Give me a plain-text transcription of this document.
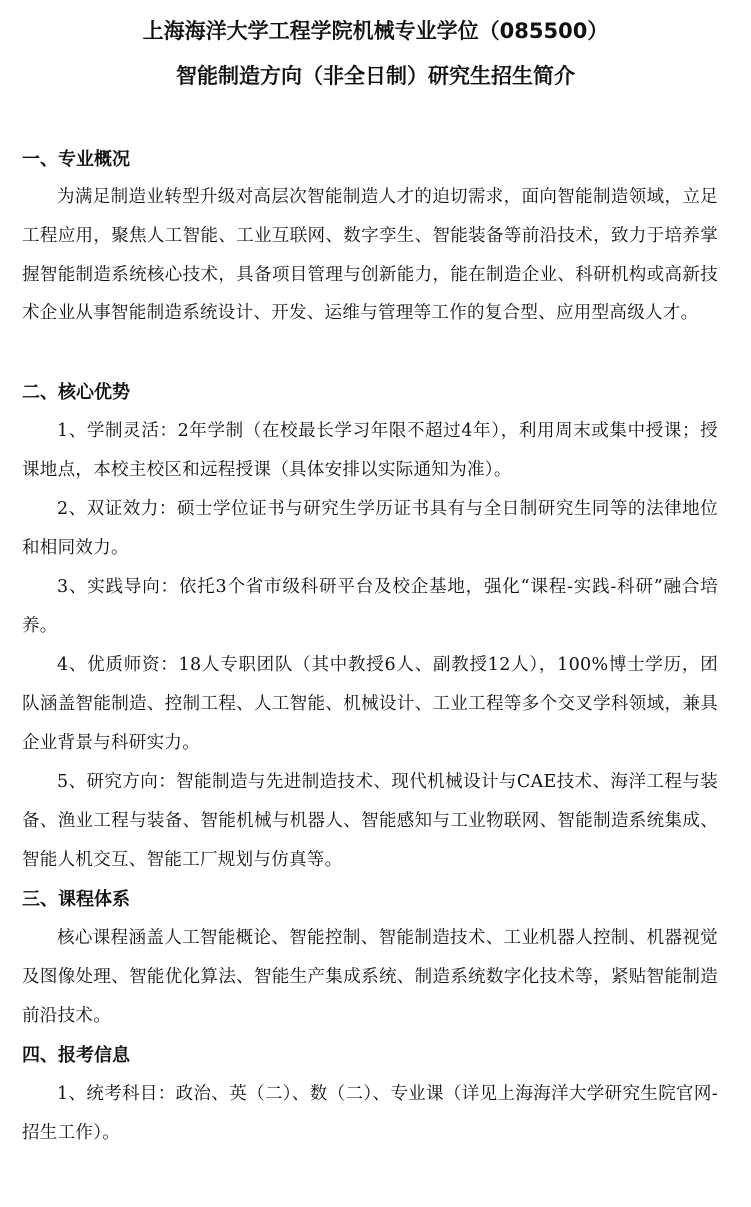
上海海洋大学工程学院机械专业学位（085500）
智能制造方向（非全日制）研究生招生简介
一、专业概况

为满足制造业转型升级对高层次智能制造人才的迫切需求，面向智能制造领域，立足工程应用，聚焦人工智能、工业互联网、数字孪生、智能装备等前沿技术，致力于培养掌握智能制造系统核心技术，具备项目管理与创新能力，能在制造企业、科研机构或高新技术企业从事智能制造系统设计、开发、运维与管理等工作的复合型、应用型高级人才。

二、核心优势

1、学制灵活：2年学制（在校最长学习年限不超过4年），利用周末或集中授课；授课地点，本校主校区和远程授课（具体安排以实际通知为准）。

2、双证效力：硕士学位证书与研究生学历证书具有与全日制研究生同等的法律地位和相同效力。

3、实践导向：依托3个省市级科研平台及校企基地，强化“课程-实践-科研”融合培养。

4、优质师资：18人专职团队（其中教授6人、副教授12人），100%博士学历，团队涵盖智能制造、控制工程、人工智能、机械设计、工业工程等多个交叉学科领域，兼具企业背景与科研实力。

5、研究方向：智能制造与先进制造技术、现代机械设计与CAE技术、海洋工程与装备、渔业工程与装备、智能机械与机器人、智能感知与工业物联网、智能制造系统集成、智能人机交互、智能工厂规划与仿真等。

三、课程体系

核心课程涵盖人工智能概论、智能控制、智能制造技术、工业机器人控制、机器视觉及图像处理、智能优化算法、智能生产集成系统、制造系统数字化技术等，紧贴智能制造前沿技术。

四、报考信息

1、统考科目：政治、英（二）、数（二）、专业课（详见上海海洋大学研究生院官网-招生工作）。
